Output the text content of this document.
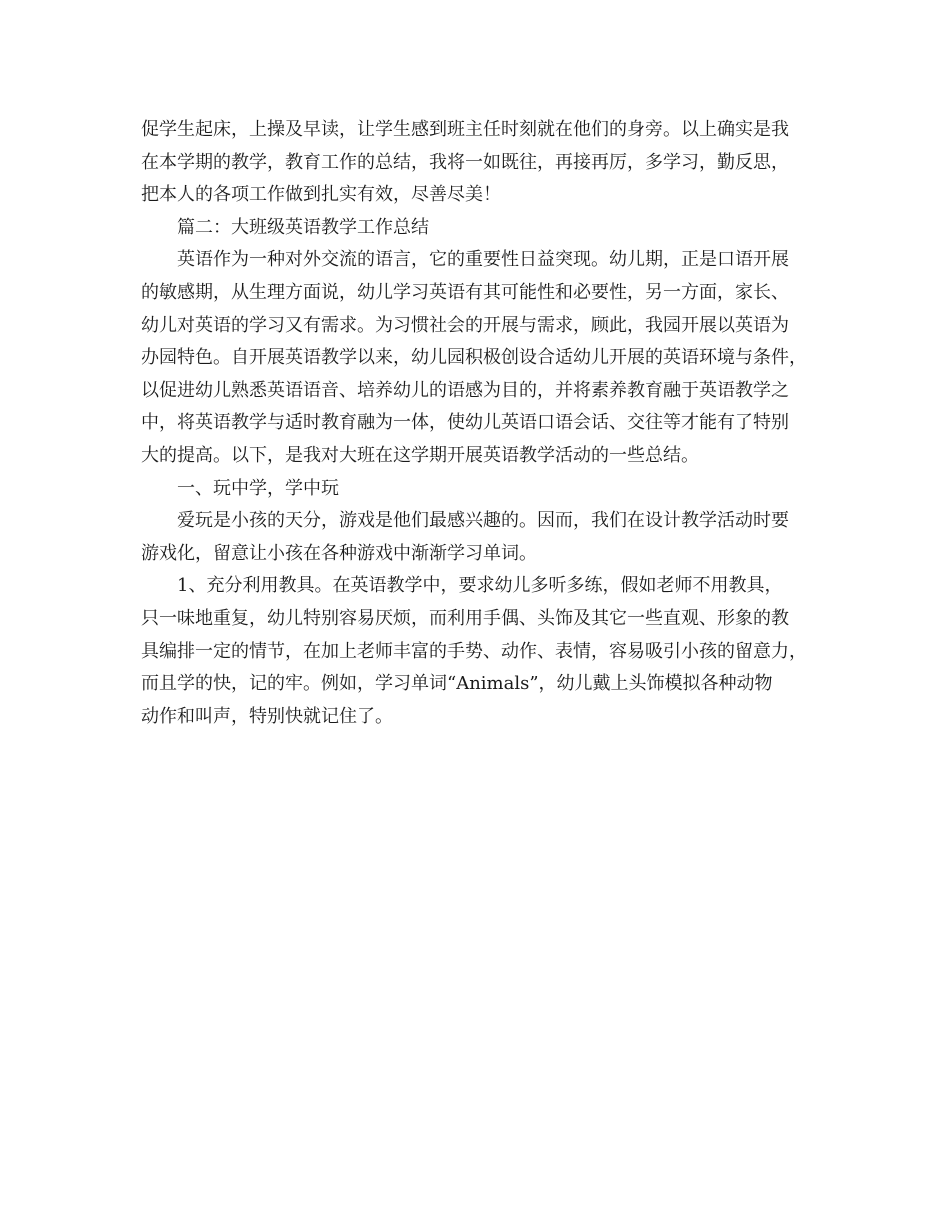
促学生起床，上操及早读，让学生感到班主任时刻就在他们的身旁。以上确实是我

在本学期的教学，教育工作的总结，我将一如既往，再接再厉，多学习，勤反思，

把本人的各项工作做到扎实有效，尽善尽美！

篇二：大班级英语教学工作总结

英语作为一种对外交流的语言，它的重要性日益突现。幼儿期，正是口语开展

的敏感期，从生理方面说，幼儿学习英语有其可能性和必要性，另一方面，家长、

幼儿对英语的学习又有需求。为习惯社会的开展与需求，顾此，我园开展以英语为

办园特色。自开展英语教学以来，幼儿园积极创设合适幼儿开展的英语环境与条件，

以促进幼儿熟悉英语语音、培养幼儿的语感为目的，并将素养教育融于英语教学之

中，将英语教学与适时教育融为一体，使幼儿英语口语会话、交往等才能有了特别

大的提高。以下，是我对大班在这学期开展英语教学活动的一些总结。

一、玩中学，学中玩

爱玩是小孩的天分，游戏是他们最感兴趣的。因而，我们在设计教学活动时要

游戏化，留意让小孩在各种游戏中渐渐学习单词。

1、充分利用教具。在英语教学中，要求幼儿多听多练，假如老师不用教具，

只一味地重复，幼儿特别容易厌烦，而利用手偶、头饰及其它一些直观、形象的教

具编排一定的情节，在加上老师丰富的手势、动作、表情，容易吸引小孩的留意力，

而且学的快，记的牢。例如，学习单词“Animals”，幼儿戴上头饰模拟各种动物

动作和叫声，特别快就记住了。
